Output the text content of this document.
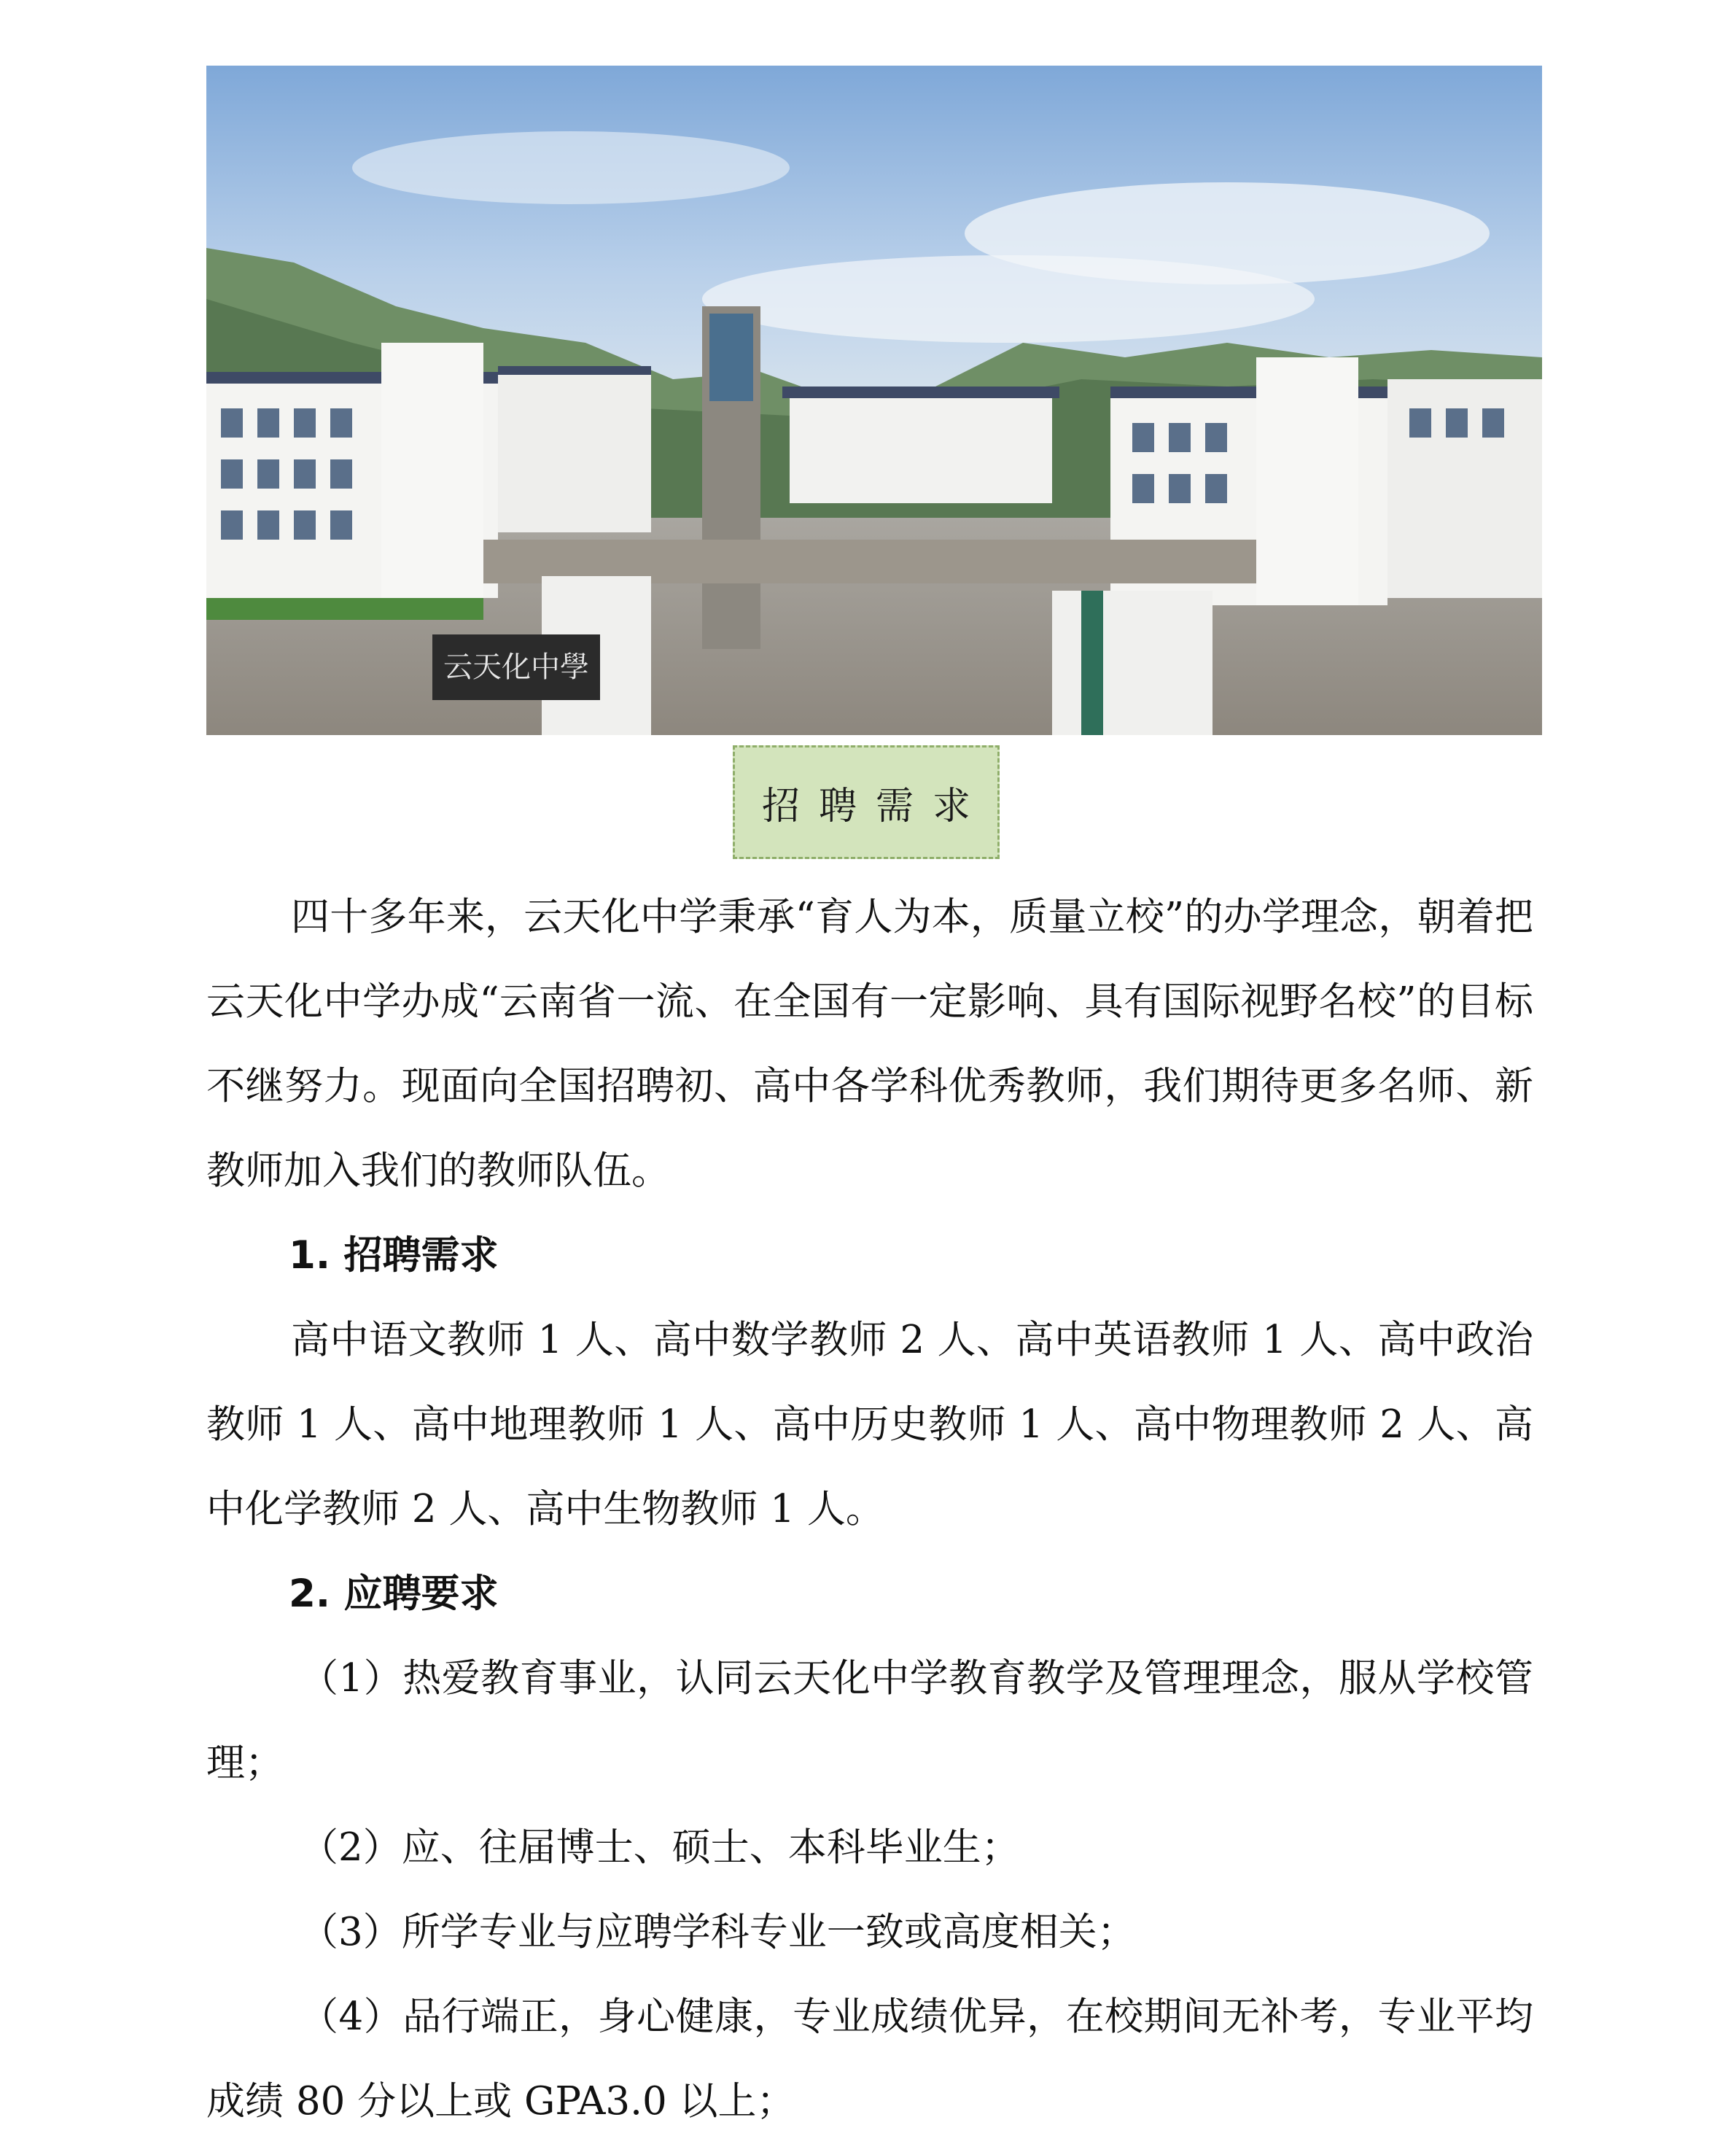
云天化中學
招聘需求

四十多年来，云天化中学秉承“育人为本，质量立校”的办学理念，朝着把云天化中学办成“云南省一流、在全国有一定影响、具有国际视野名校”的目标不继努力。现面向全国招聘初、高中各学科优秀教师，我们期待更多名师、新教师加入我们的教师队伍。

1. 招聘需求

高中语文教师 1 人、高中数学教师 2 人、高中英语教师 1 人、高中政治教师 1 人、高中地理教师 1 人、高中历史教师 1 人、高中物理教师 2 人、高中化学教师 2 人、高中生物教师 1 人。

2. 应聘要求

（1）热爱教育事业，认同云天化中学教育教学及管理理念，服从学校管理；

（2）应、往届博士、硕士、本科毕业生；

（3）所学专业与应聘学科专业一致或高度相关；

（4）品行端正，身心健康，专业成绩优异，在校期间无补考，专业平均成绩 80 分以上或 GPA3.0 以上；
